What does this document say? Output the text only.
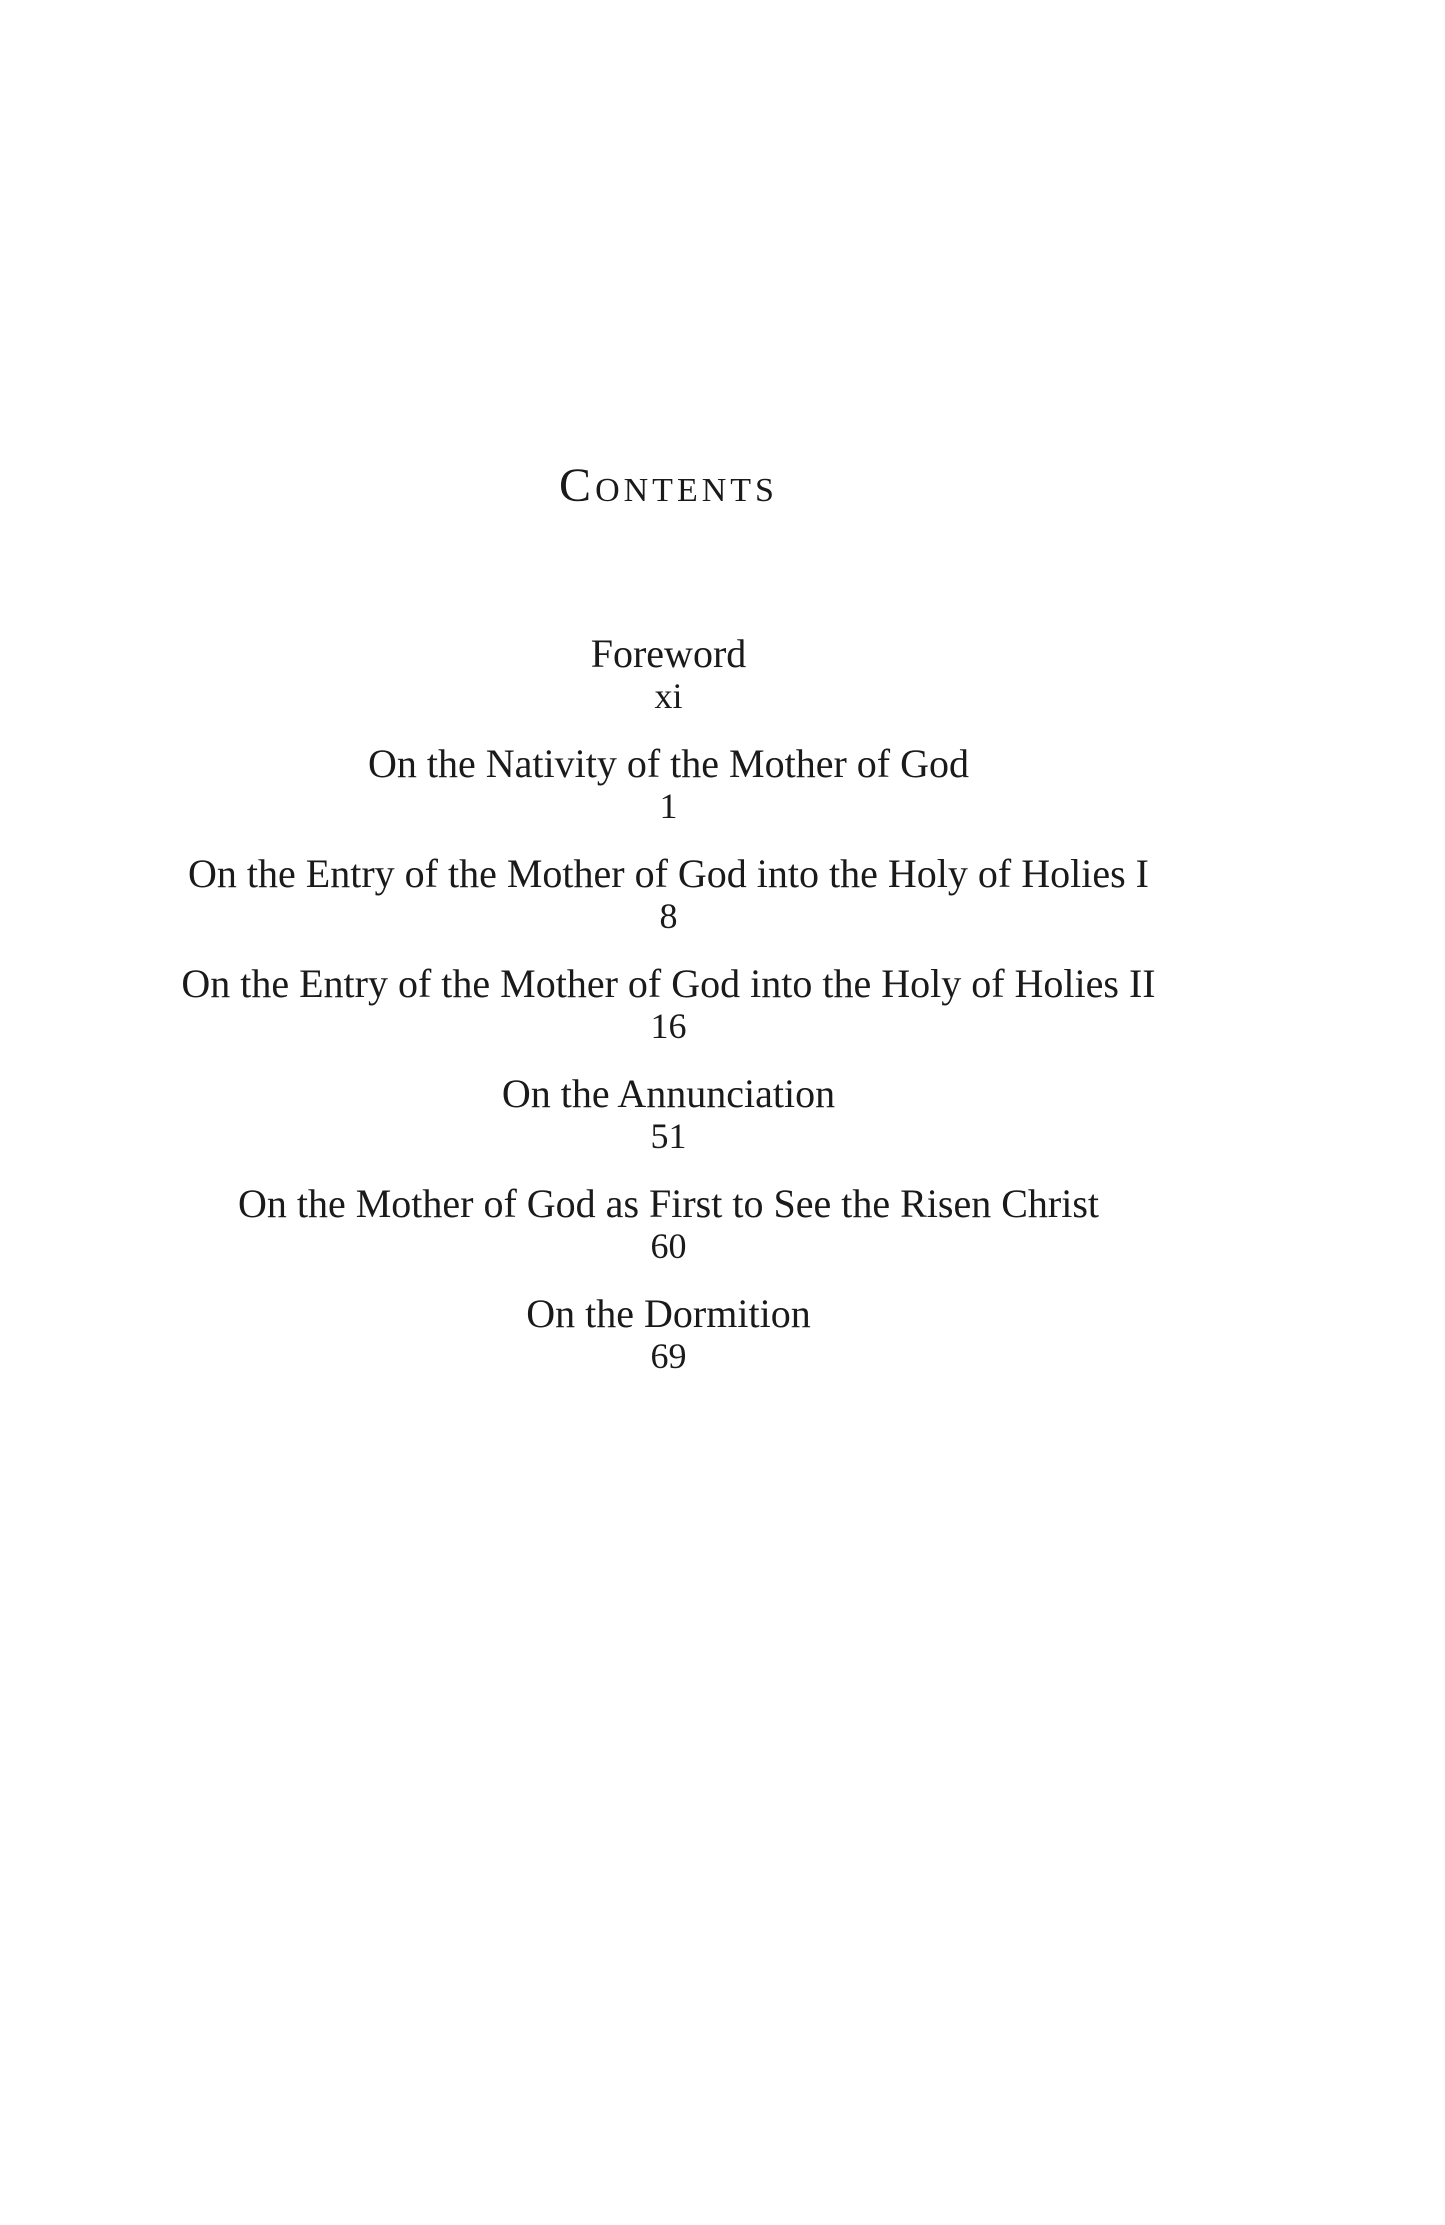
Contents
Foreword
xi
On the Nativity of the Mother of God
1
On the Entry of the Mother of God into the Holy of Holies I
8
On the Entry of the Mother of God into the Holy of Holies II
16
On the Annunciation
51
On the Mother of God as First to See the Risen Christ
60
On the Dormition
69
